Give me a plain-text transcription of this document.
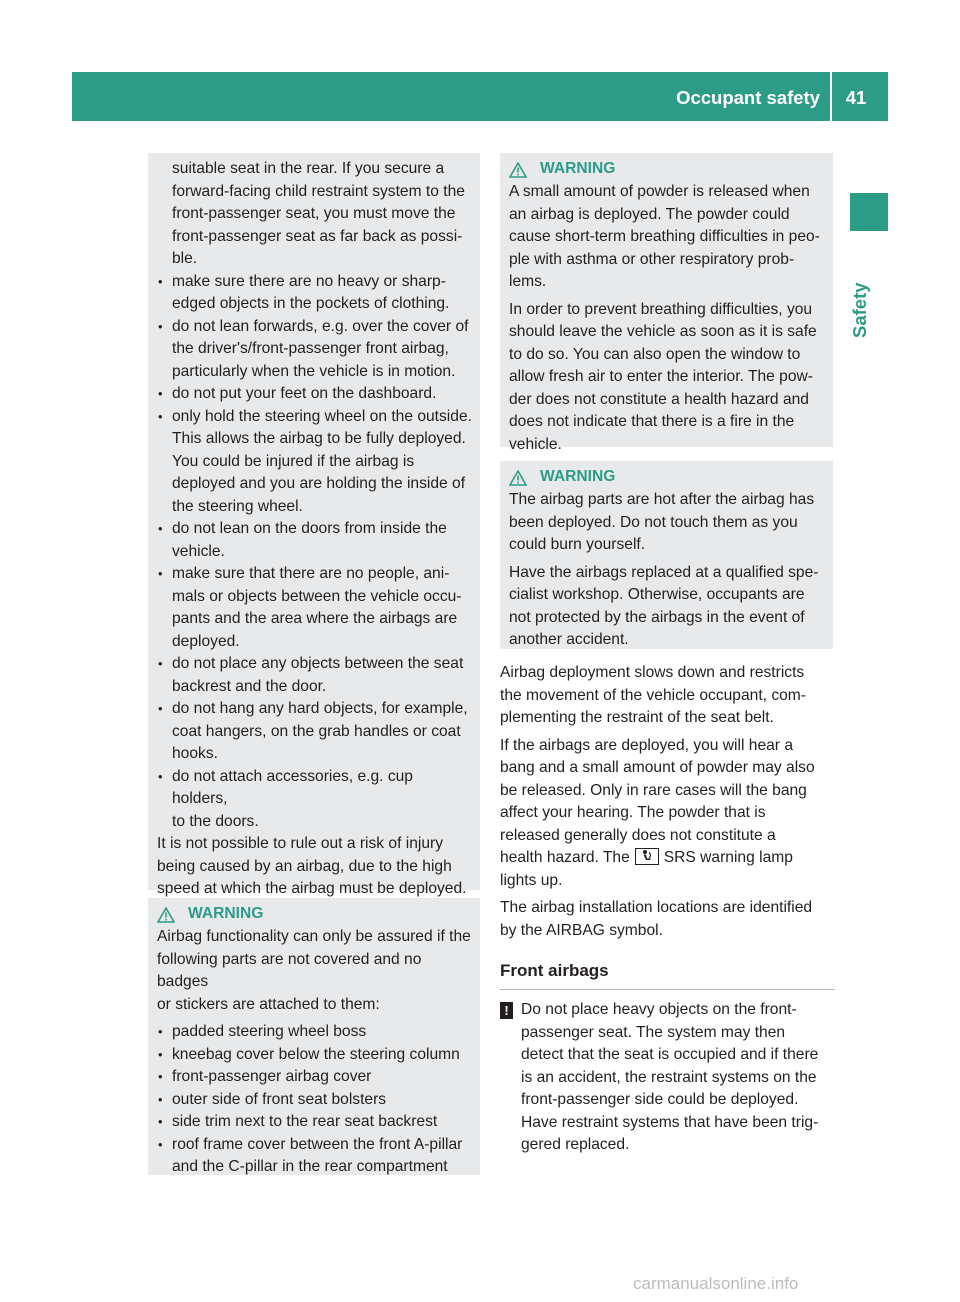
Occupant safety	41
Safety
suitable seat in the rear. If you secure a
forward-facing child restraint system to the
front-passenger seat, you must move the
front-passenger seat as far back as possi-
ble.
• make sure there are no heavy or sharp-
edged objects in the pockets of clothing.
• do not lean forwards, e.g. over the cover of
the driver's/front-passenger front airbag,
particularly when the vehicle is in motion.
• do not put your feet on the dashboard.
• only hold the steering wheel on the outside.
This allows the airbag to be fully deployed.
You could be injured if the airbag is
deployed and you are holding the inside of
the steering wheel.
• do not lean on the doors from inside the
vehicle.
• make sure that there are no people, ani-
mals or objects between the vehicle occu-
pants and the area where the airbags are
deployed.
• do not place any objects between the seat
backrest and the door.
• do not hang any hard objects, for example,
coat hangers, on the grab handles or coat
hooks.
• do not attach accessories, e.g. cup holders,
to the doors.
It is not possible to rule out a risk of injury
being caused by an airbag, due to the high
speed at which the airbag must be deployed.
WARNING
Airbag functionality can only be assured if the
following parts are not covered and no badges
or stickers are attached to them:
• padded steering wheel boss
• kneebag cover below the steering column
• front-passenger airbag cover
• outer side of front seat bolsters
• side trim next to the rear seat backrest
• roof frame cover between the front A-pillar
and the C-pillar in the rear compartment
WARNING
A small amount of powder is released when
an airbag is deployed. The powder could
cause short-term breathing difficulties in peo-
ple with asthma or other respiratory prob-
lems.
In order to prevent breathing difficulties, you
should leave the vehicle as soon as it is safe
to do so. You can also open the window to
allow fresh air to enter the interior. The pow-
der does not constitute a health hazard and
does not indicate that there is a fire in the
vehicle.
WARNING
The airbag parts are hot after the airbag has
been deployed. Do not touch them as you
could burn yourself.
Have the airbags replaced at a qualified spe-
cialist workshop. Otherwise, occupants are
not protected by the airbags in the event of
another accident.
Airbag deployment slows down and restricts
the movement of the vehicle occupant, com-
plementing the restraint of the seat belt.
If the airbags are deployed, you will hear a
bang and a small amount of powder may also
be released. Only in rare cases will the bang
affect your hearing. The powder that is
released generally does not constitute a
health hazard. The SRS warning lamp
lights up.
The airbag installation locations are identified
by the AIRBAG symbol.
Front airbags
! Do not place heavy objects on the front-
passenger seat. The system may then
detect that the seat is occupied and if there
is an accident, the restraint systems on the
front-passenger side could be deployed.
Have restraint systems that have been trig-
gered replaced.
carmanualsonline.info
